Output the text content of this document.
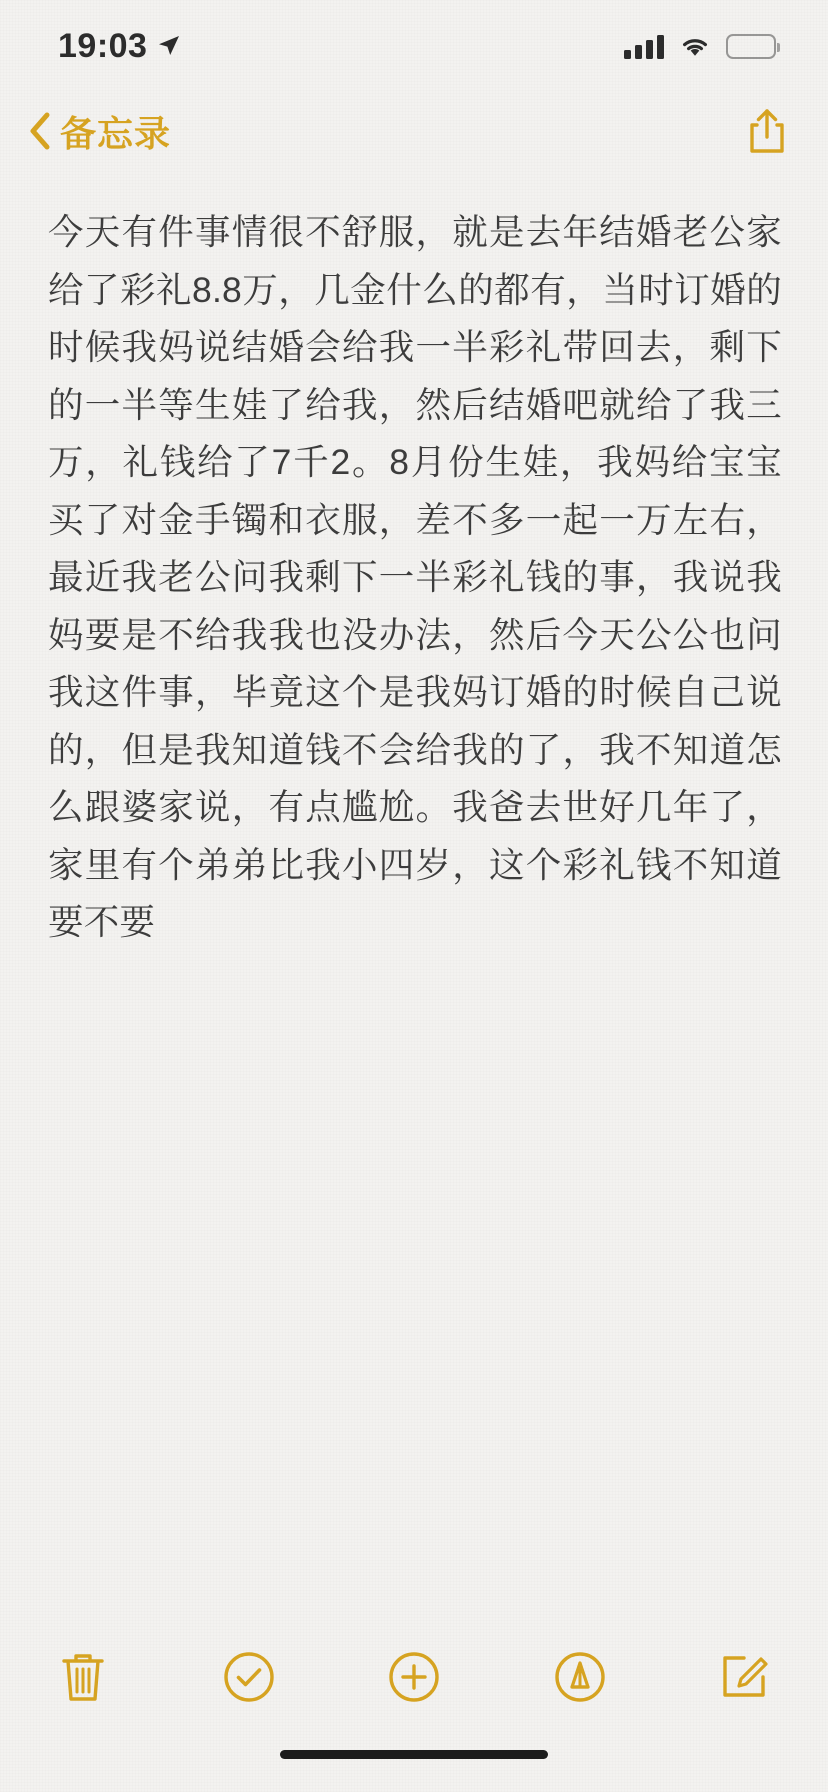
19:03
备忘录
今天有件事情很不舒服，就是去年结婚老公家给了彩礼8.8万，几金什么的都有，当时订婚的时候我妈说结婚会给我一半彩礼带回去，剩下的一半等生娃了给我，然后结婚吧就给了我三万，礼钱给了7千2。8月份生娃，我妈给宝宝买了对金手镯和衣服，差不多一起一万左右，最近我老公问我剩下一半彩礼钱的事，我说我妈要是不给我我也没办法，然后今天公公也问我这件事，毕竟这个是我妈订婚的时候自己说的，但是我知道钱不会给我的了，我不知道怎么跟婆家说，有点尴尬。我爸去世好几年了，家里有个弟弟比我小四岁，这个彩礼钱不知道要不要
